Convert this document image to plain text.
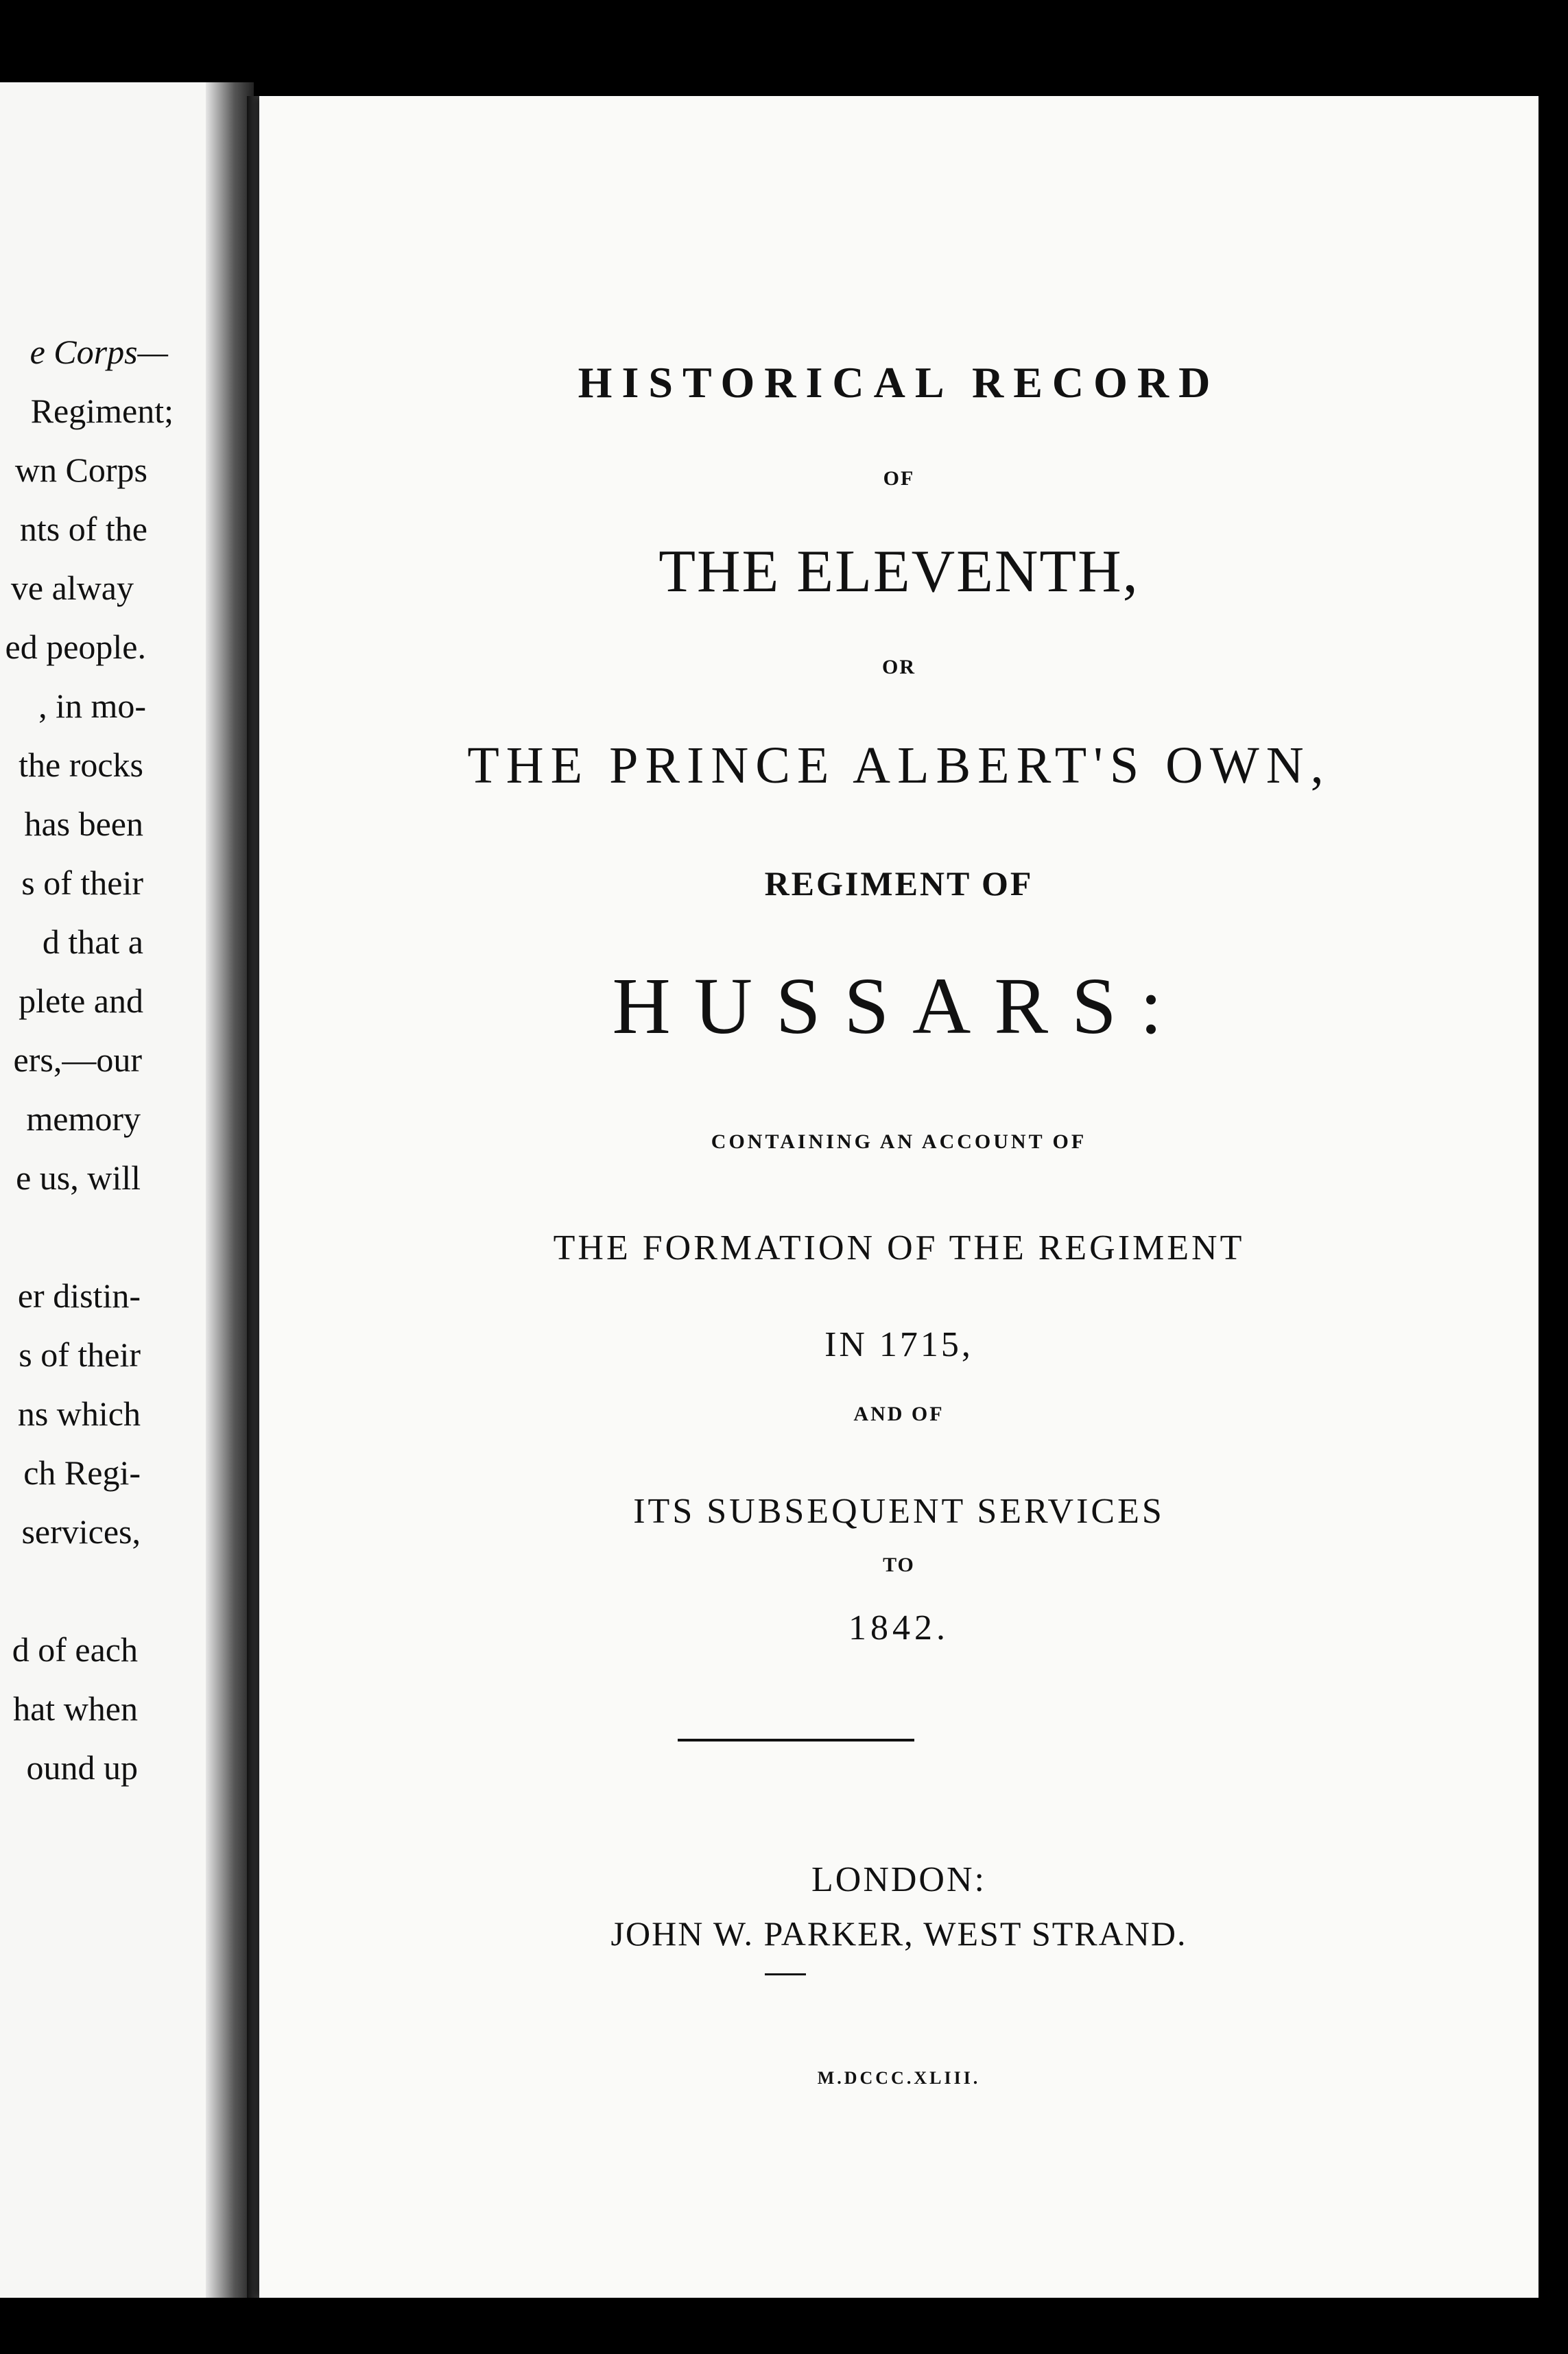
e Corps—
Regiment;
wn Corps
nts of the
ve alway
ed people.
, in mo-
the rocks
has been
s of their
d that a
plete and
ers,—our
memory
e us, will
er distin-
s of their
ns which
ch Regi-
services,
d of each
hat when
ound up
HISTORICAL RECORD
OF
THE ELEVENTH,
OR
THE PRINCE ALBERT'S OWN,
REGIMENT OF
HUSSARS:
CONTAINING AN ACCOUNT OF
THE FORMATION OF THE REGIMENT
IN 1715,
AND OF
ITS SUBSEQUENT SERVICES
TO
1842.
LONDON:
JOHN W. PARKER, WEST STRAND.
M.DCCC.XLIII.
